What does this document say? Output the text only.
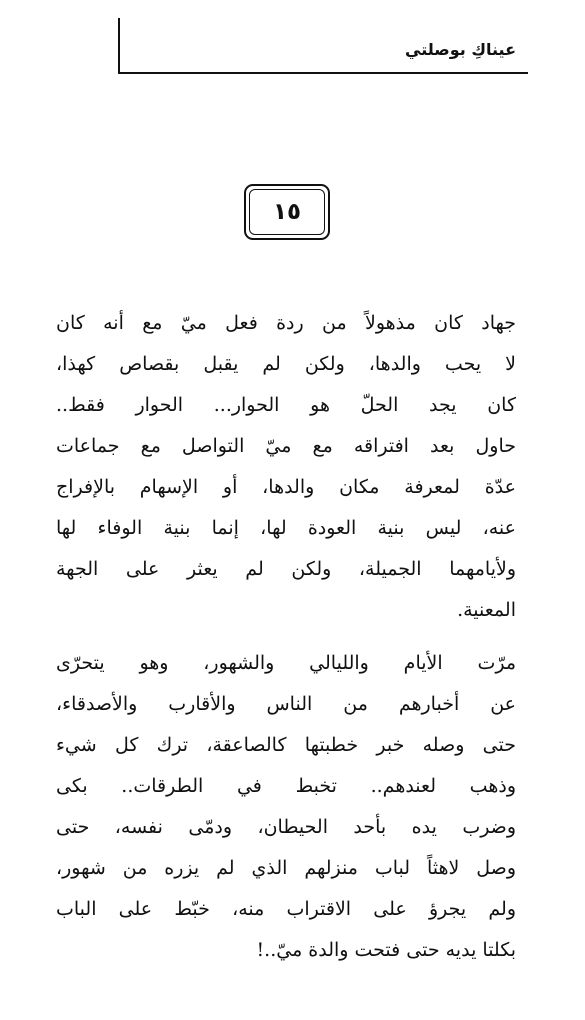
عيناكِ بوصلتي
١٥

جهاد كان مذهولاً من ردة فعل ميّ مع أنه كان
لا يحب والدها، ولكن لم يقبل بقصاص كهذا،
كان يجد الحلّ هو الحوار... الحوار فقط..
حاول بعد افتراقه مع ميّ التواصل مع جماعات
عدّة لمعرفة مكان والدها، أو الإسهام بالإفراج
عنه، ليس بنية العودة لها، إنما بنية الوفاء لها
ولأيامهما الجميلة، ولكن لم يعثر على الجهة
المعنية.

مرّت الأيام والليالي والشهور، وهو يتحرّى
عن أخبارهم من الناس والأقارب والأصدقاء،
حتى وصله خبر خطبتها كالصاعقة، ترك كل شيء
وذهب لعندهم.. تخبط في الطرقات.. بكى
وضرب يده بأحد الحيطان، ودمّى نفسه، حتى
وصل لاهثاً لباب منزلهم الذي لم يزره من شهور،
ولم يجرؤ على الاقتراب منه، خبّط على الباب
بكلتا يديه حتى فتحت والدة ميّ..!
